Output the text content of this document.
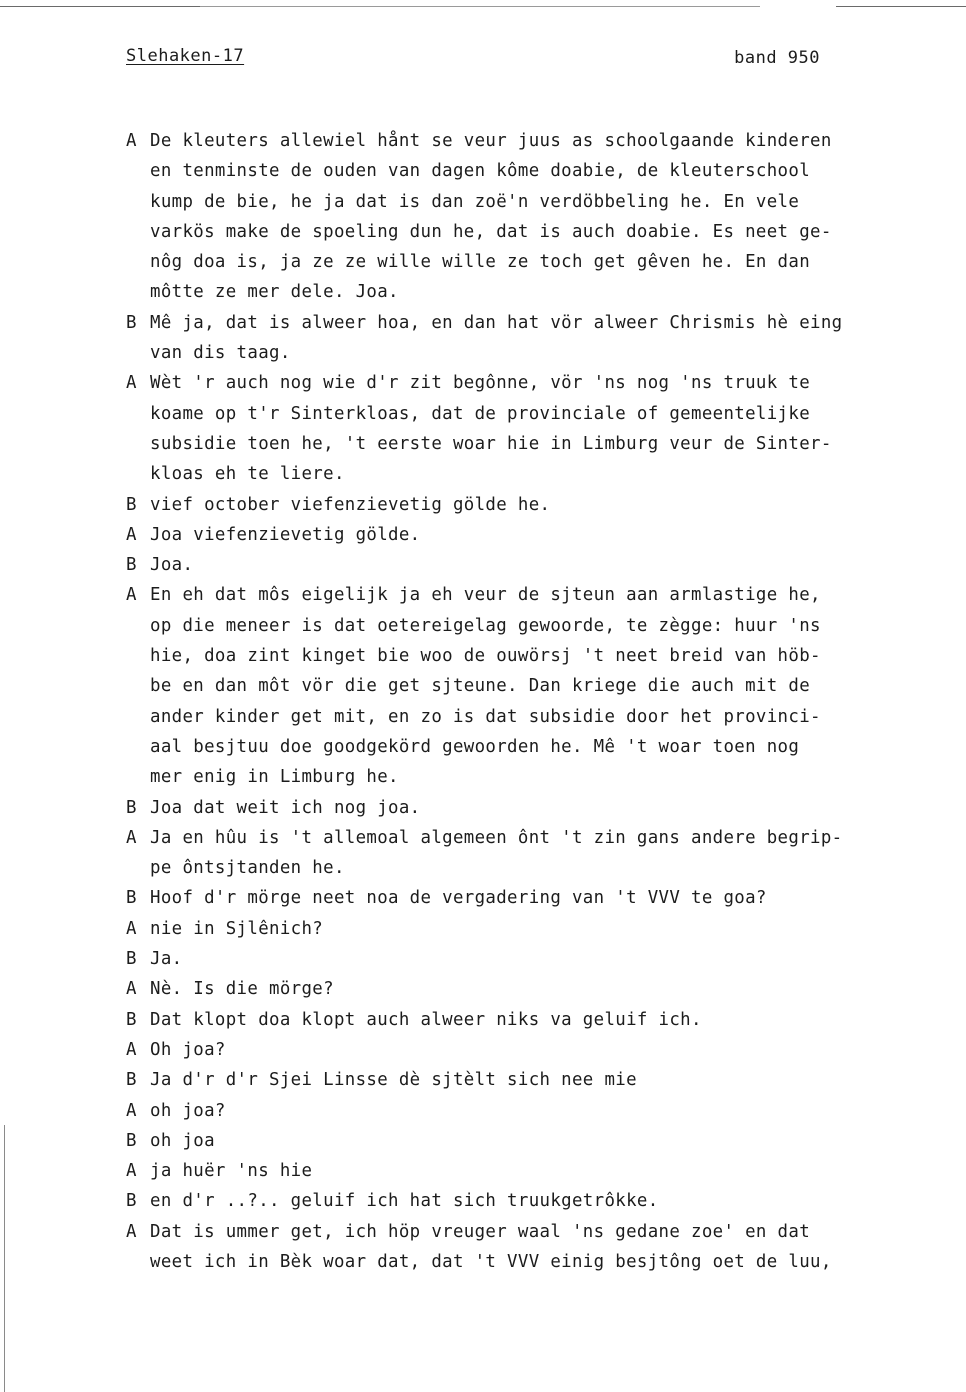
Slehaken-17	band 950
A De kleuters allewiel hånt se veur juus as schoolgaande kinderen
en tenminste de ouden van dagen kôme doabie, de kleuterschool
kump de bie, he ja dat is dan zoë'n verdöbbeling he. En vele
varkös make de spoeling dun he, dat is auch doabie. Es neet ge-
nôg doa is, ja ze ze wille wille ze toch get gêven he. En dan
môtte ze mer dele. Joa.
B Mê ja, dat is alweer hoa, en dan hat vör alweer Chrismis hè eing
van dis taag.
A Wèt 'r auch nog wie d'r zit begônne, vör 'ns nog 'ns truuk te
koame op t'r Sinterkloas, dat de provinciale of gemeentelijke
subsidie toen he, 't eerste woar hie in Limburg veur de Sinter-
kloas eh te liere.
B vief october viefenzievetig gölde he.
A Joa viefenzievetig gölde.
B Joa.
A En eh dat môs eigelijk ja eh veur de sjteun aan armlastige he,
op die meneer is dat oetereigelag gewoorde, te zègge: huur 'ns
hie, doa zint kinget bie woo de ouwörsj 't neet breid van höb-
be en dan môt vör die get sjteune. Dan kriege die auch mit de
ander kinder get mit, en zo is dat subsidie door het provinci-
aal besjtuu doe goodgekörd gewoorden he. Mê 't woar toen nog
mer enig in Limburg he.
B Joa dat weit ich nog joa.
A Ja en hûu is 't allemoal algemeen ônt 't zin gans andere begrip-
pe ôntsjtanden he.
B Hoof d'r mörge neet noa de vergadering van 't VVV te goa?
A nie in Sjlênich?
B Ja.
A Nè. Is die mörge?
B Dat klopt doa klopt auch alweer niks va geluif ich.
A Oh joa?
B Ja d'r d'r Sjei Linsse dè sjtèlt sich nee mie
A oh joa?
B oh joa
A ja huër 'ns hie
B en d'r ..?.. geluif ich hat sich truukgetrôkke.
A Dat is ummer get, ich höp vreuger waal 'ns gedane zoe' en dat
weet ich in Bèk woar dat, dat 't VVV einig besjtông oet de luu,
